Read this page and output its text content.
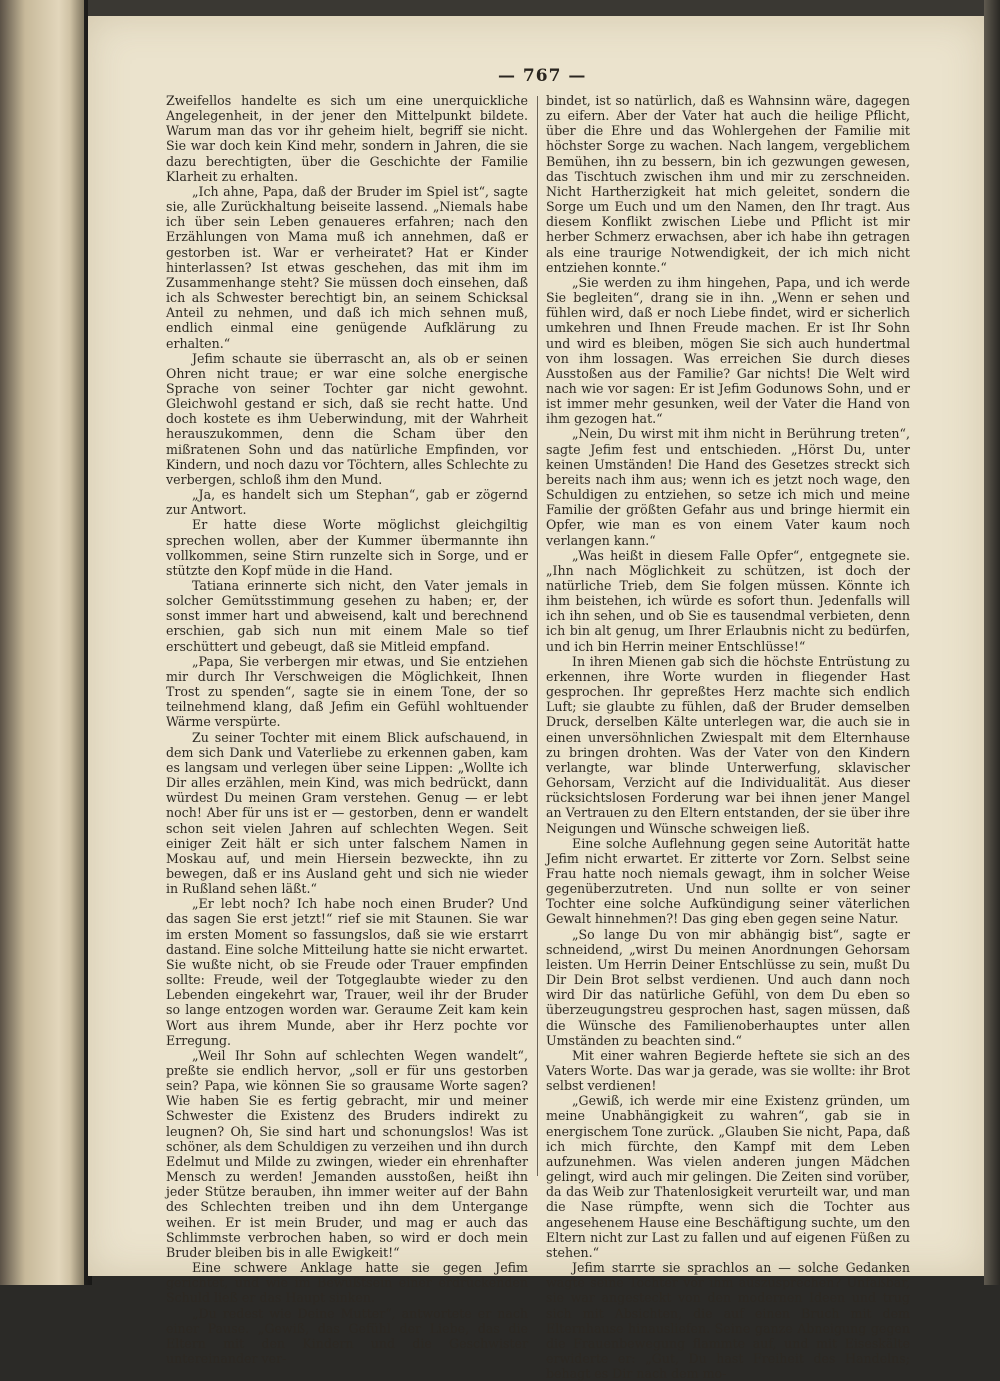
— 767 —

Zweifellos handelte es sich um eine unerquickliche Angelegenheit, in der jener den Mittelpunkt bildete. Warum man das vor ihr geheim hielt, begriff sie nicht. Sie war doch kein Kind mehr, sondern in Jahren, die sie dazu berechtigten, über die Geschichte der Familie Klarheit zu erhalten.

„Ich ahne, Papa, daß der Bruder im Spiel ist“, sagte sie, alle Zurückhaltung beiseite lassend. „Niemals habe ich über sein Leben genaueres erfahren; nach den Erzählungen von Mama muß ich annehmen, daß er gestorben ist. War er verheiratet? Hat er Kinder hinterlassen? Ist etwas geschehen, das mit ihm im Zusammenhange steht? Sie müssen doch einsehen, daß ich als Schwester berechtigt bin, an seinem Schicksal Anteil zu nehmen, und daß ich mich sehnen muß, endlich einmal eine genügende Aufklärung zu erhalten.“

Jefim schaute sie überrascht an, als ob er seinen Ohren nicht traue; er war eine solche energische Sprache von seiner Tochter gar nicht gewohnt. Gleichwohl gestand er sich, daß sie recht hatte. Und doch kostete es ihm Ueberwindung, mit der Wahrheit herauszukommen, denn die Scham über den mißratenen Sohn und das natürliche Empfinden, vor Kindern, und noch dazu vor Töchtern, alles Schlechte zu verbergen, schloß ihm den Mund.

„Ja, es handelt sich um Stephan“, gab er zögernd zur Antwort.

Er hatte diese Worte möglichst gleichgiltig sprechen wollen, aber der Kummer übermannte ihn vollkommen, seine Stirn runzelte sich in Sorge, und er stützte den Kopf müde in die Hand.

Tatiana erinnerte sich nicht, den Vater jemals in solcher Gemütsstimmung gesehen zu haben; er, der sonst immer hart und abweisend, kalt und berechnend erschien, gab sich nun mit einem Male so tief erschüttert und gebeugt, daß sie Mitleid empfand.

„Papa, Sie verbergen mir etwas, und Sie entziehen mir durch Ihr Verschweigen die Möglichkeit, Ihnen Trost zu spenden“, sagte sie in einem Tone, der so teilnehmend klang, daß Jefim ein Gefühl wohltuender Wärme verspürte.

Zu seiner Tochter mit einem Blick aufschauend, in dem sich Dank und Vaterliebe zu erkennen gaben, kam es langsam und verlegen über seine Lippen: „Wollte ich Dir alles erzählen, mein Kind, was mich bedrückt, dann würdest Du meinen Gram verstehen. Genug — er lebt noch! Aber für uns ist er — gestorben, denn er wandelt schon seit vielen Jahren auf schlechten Wegen. Seit einiger Zeit hält er sich unter falschem Namen in Moskau auf, und mein Hiersein bezweckte, ihn zu bewegen, daß er ins Ausland geht und sich nie wieder in Rußland sehen läßt.“

„Er lebt noch? Ich habe noch einen Bruder? Und das sagen Sie erst jetzt!“ rief sie mit Staunen. Sie war im ersten Moment so fassungslos, daß sie wie erstarrt dastand. Eine solche Mitteilung hatte sie nicht erwartet. Sie wußte nicht, ob sie Freude oder Trauer empfinden sollte: Freude, weil der Totgeglaubte wieder zu den Lebenden eingekehrt war, Trauer, weil ihr der Bruder so lange entzogen worden war. Geraume Zeit kam kein Wort aus ihrem Munde, aber ihr Herz pochte vor Erregung.

„Weil Ihr Sohn auf schlechten Wegen wandelt“, preßte sie endlich hervor, „soll er für uns gestorben sein? Papa, wie können Sie so grausame Worte sagen? Wie haben Sie es fertig gebracht, mir und meiner Schwester die Existenz des Bruders indirekt zu leugnen? Oh, Sie sind hart und schonungslos! Was ist schöner, als dem Schuldigen zu verzeihen und ihn durch Edelmut und Milde zu zwingen, wieder ein ehrenhafter Mensch zu werden! Jemanden ausstoßen, heißt ihn jeder Stütze berauben, ihn immer weiter auf der Bahn des Schlechten treiben und ihn dem Untergange weihen. Er ist mein Bruder, und mag er auch das Schlimmste verbrochen haben, so wird er doch mein Bruder bleiben bis in alle Ewigkeit!“

Eine schwere Anklage hatte sie gegen Jefim gerichtet, und wie im Bewußtsein einer erdrückenden Schuld ließ er das Haupt sinken.

„Du redest wie Deine Mutter“, antwortete er nach einer Pause. „Gewiß, das Gefühl der Liebe, das die Eltern mit den Kindern und die Geschwister untereinander ver-

bindet, ist so natürlich, daß es Wahnsinn wäre, dagegen zu eifern. Aber der Vater hat auch die heilige Pflicht, über die Ehre und das Wohlergehen der Familie mit höchster Sorge zu wachen. Nach langem, vergeblichem Bemühen, ihn zu bessern, bin ich gezwungen gewesen, das Tischtuch zwischen ihm und mir zu zerschneiden. Nicht Hartherzigkeit hat mich geleitet, sondern die Sorge um Euch und um den Namen, den Ihr tragt. Aus diesem Konflikt zwischen Liebe und Pflicht ist mir herber Schmerz erwachsen, aber ich habe ihn getragen als eine traurige Notwendigkeit, der ich mich nicht entziehen konnte.“

„Sie werden zu ihm hingehen, Papa, und ich werde Sie begleiten“, drang sie in ihn. „Wenn er sehen und fühlen wird, daß er noch Liebe findet, wird er sicherlich umkehren und Ihnen Freude machen. Er ist Ihr Sohn und wird es bleiben, mögen Sie sich auch hundertmal von ihm lossagen. Was erreichen Sie durch dieses Ausstoßen aus der Familie? Gar nichts! Die Welt wird nach wie vor sagen: Er ist Jefim Godunows Sohn, und er ist immer mehr gesunken, weil der Vater die Hand von ihm gezogen hat.“

„Nein, Du wirst mit ihm nicht in Berührung treten“, sagte Jefim fest und entschieden. „Hörst Du, unter keinen Umständen! Die Hand des Gesetzes streckt sich bereits nach ihm aus; wenn ich es jetzt noch wage, den Schuldigen zu entziehen, so setze ich mich und meine Familie der größten Gefahr aus und bringe hiermit ein Opfer, wie man es von einem Vater kaum noch verlangen kann.“

„Was heißt in diesem Falle Opfer“, entgegnete sie. „Ihn nach Möglichkeit zu schützen, ist doch der natürliche Trieb, dem Sie folgen müssen. Könnte ich ihm beistehen, ich würde es sofort thun. Jedenfalls will ich ihn sehen, und ob Sie es tausendmal verbieten, denn ich bin alt genug, um Ihrer Erlaubnis nicht zu bedürfen, und ich bin Herrin meiner Entschlüsse!“

In ihren Mienen gab sich die höchste Entrüstung zu erkennen, ihre Worte wurden in fliegender Hast gesprochen. Ihr gepreßtes Herz machte sich endlich Luft; sie glaubte zu fühlen, daß der Bruder demselben Druck, derselben Kälte unterlegen war, die auch sie in einen unversöhnlichen Zwiespalt mit dem Elternhause zu bringen drohten. Was der Vater von den Kindern verlangte, war blinde Unterwerfung, sklavischer Gehorsam, Verzicht auf die Individualität. Aus dieser rücksichtslosen Forderung war bei ihnen jener Mangel an Vertrauen zu den Eltern entstanden, der sie über ihre Neigungen und Wünsche schweigen ließ.

Eine solche Auflehnung gegen seine Autorität hatte Jefim nicht erwartet. Er zitterte vor Zorn. Selbst seine Frau hatte noch niemals gewagt, ihm in solcher Weise gegenüberzutreten. Und nun sollte er von seiner Tochter eine solche Aufkündigung seiner väterlichen Gewalt hinnehmen?! Das ging eben gegen seine Natur.

„So lange Du von mir abhängig bist“, sagte er schneidend, „wirst Du meinen Anordnungen Gehorsam leisten. Um Herrin Deiner Entschlüsse zu sein, mußt Du Dir Dein Brot selbst verdienen. Und auch dann noch wird Dir das natürliche Gefühl, von dem Du eben so überzeugungstreu gesprochen hast, sagen müssen, daß die Wünsche des Familienoberhauptes unter allen Umständen zu beachten sind.“

Mit einer wahren Begierde heftete sie sich an des Vaters Worte. Das war ja gerade, was sie wollte: ihr Brot selbst verdienen!

„Gewiß, ich werde mir eine Existenz gründen, um meine Unabhängigkeit zu wahren“, gab sie in energischem Tone zurück. „Glauben Sie nicht, Papa, daß ich mich fürchte, den Kampf mit dem Leben aufzunehmen. Was vielen anderen jungen Mädchen gelingt, wird auch mir gelingen. Die Zeiten sind vorüber, da das Weib zur Thatenlosigkeit verurteilt war, und man die Nase rümpfte, wenn sich die Tochter aus angesehenem Hause eine Beschäftigung suchte, um den Eltern nicht zur Last zu fallen und auf eigenen Füßen zu stehen.“

Jefim starrte sie sprachlos an — solche Gedanken wagte seine Tochter vor ihm auszusprechen? Unfaßbar, sie war angesteckt von den modernen Ideen und trug sich mit Absichten, die auf einen Bruch mit dem Elternhause hinausliefen. Seine ganze Abneigung gegen die Frauenbewegung flammte auf, und mit Eiseskälte erwiderte er: „Gut, Du hast Freiheit des Handelns; behagt es Dir nach dem mo-
